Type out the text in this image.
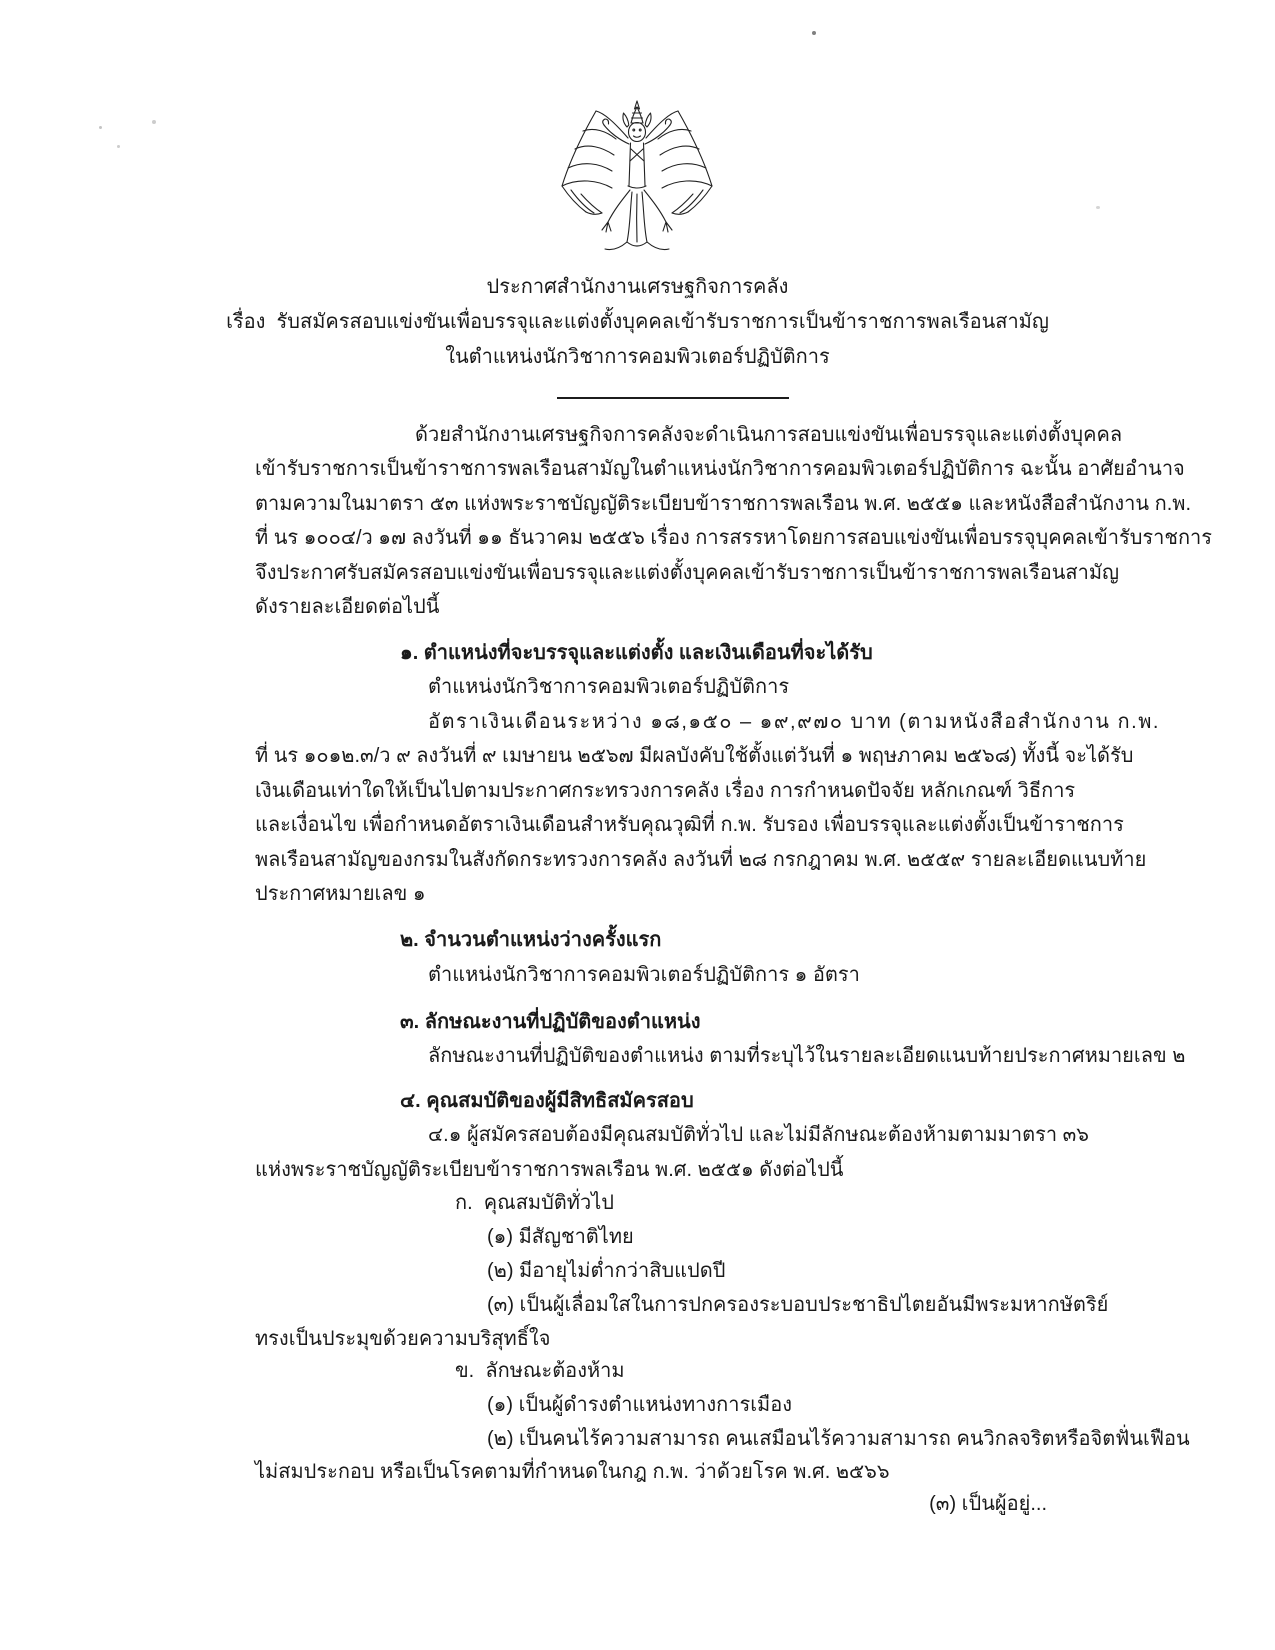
ประกาศสำนักงานเศรษฐกิจการคลัง
เรื่อง  รับสมัครสอบแข่งขันเพื่อบรรจุและแต่งตั้งบุคคลเข้ารับราชการเป็นข้าราชการพลเรือนสามัญ
ในตำแหน่งนักวิชาการคอมพิวเตอร์ปฏิบัติการ
ด้วยสำนักงานเศรษฐกิจการคลังจะดำเนินการสอบแข่งขันเพื่อบรรจุและแต่งตั้งบุคคล
เข้ารับราชการเป็นข้าราชการพลเรือนสามัญในตำแหน่งนักวิชาการคอมพิวเตอร์ปฏิบัติการ ฉะนั้น อาศัยอำนาจ
ตามความในมาตรา ๕๓ แห่งพระราชบัญญัติระเบียบข้าราชการพลเรือน พ.ศ. ๒๕๕๑ และหนังสือสำนักงาน ก.พ.
ที่ นร ๑๐๐๔/ว ๑๗ ลงวันที่ ๑๑ ธันวาคม ๒๕๕๖ เรื่อง การสรรหาโดยการสอบแข่งขันเพื่อบรรจุบุคคลเข้ารับราชการ
จึงประกาศรับสมัครสอบแข่งขันเพื่อบรรจุและแต่งตั้งบุคคลเข้ารับราชการเป็นข้าราชการพลเรือนสามัญ
ดังรายละเอียดต่อไปนี้
๑. ตำแหน่งที่จะบรรจุและแต่งตั้ง และเงินเดือนที่จะได้รับ
ตำแหน่งนักวิชาการคอมพิวเตอร์ปฏิบัติการ
อัตราเงินเดือนระหว่าง ๑๘,๑๕๐ – ๑๙,๙๗๐ บาท (ตามหนังสือสำนักงาน ก.พ.
ที่ นร ๑๐๑๒.๓/ว ๙ ลงวันที่ ๙ เมษายน ๒๕๖๗ มีผลบังคับใช้ตั้งแต่วันที่ ๑ พฤษภาคม ๒๕๖๘) ทั้งนี้ จะได้รับ
เงินเดือนเท่าใดให้เป็นไปตามประกาศกระทรวงการคลัง เรื่อง การกำหนดปัจจัย หลักเกณฑ์ วิธีการ
และเงื่อนไข เพื่อกำหนดอัตราเงินเดือนสำหรับคุณวุฒิที่ ก.พ. รับรอง เพื่อบรรจุและแต่งตั้งเป็นข้าราชการ
พลเรือนสามัญของกรมในสังกัดกระทรวงการคลัง ลงวันที่ ๒๘ กรกฎาคม พ.ศ. ๒๕๕๙ รายละเอียดแนบท้าย
ประกาศหมายเลข ๑
๒. จำนวนตำแหน่งว่างครั้งแรก
ตำแหน่งนักวิชาการคอมพิวเตอร์ปฏิบัติการ ๑ อัตรา
๓. ลักษณะงานที่ปฏิบัติของตำแหน่ง
ลักษณะงานที่ปฏิบัติของตำแหน่ง ตามที่ระบุไว้ในรายละเอียดแนบท้ายประกาศหมายเลข ๒
๔. คุณสมบัติของผู้มีสิทธิสมัครสอบ
๔.๑ ผู้สมัครสอบต้องมีคุณสมบัติทั่วไป และไม่มีลักษณะต้องห้ามตามมาตรา ๓๖
แห่งพระราชบัญญัติระเบียบข้าราชการพลเรือน พ.ศ. ๒๕๕๑ ดังต่อไปนี้
ก.  คุณสมบัติทั่วไป
(๑) มีสัญชาติไทย
(๒) มีอายุไม่ต่ำกว่าสิบแปดปี
(๓) เป็นผู้เลื่อมใสในการปกครองระบอบประชาธิปไตยอันมีพระมหากษัตริย์
ทรงเป็นประมุขด้วยความบริสุทธิ์ใจ
ข.  ลักษณะต้องห้าม
(๑) เป็นผู้ดำรงตำแหน่งทางการเมือง
(๒) เป็นคนไร้ความสามารถ คนเสมือนไร้ความสามารถ คนวิกลจริตหรือจิตฟั่นเฟือน
ไม่สมประกอบ หรือเป็นโรคตามที่กำหนดในกฎ ก.พ. ว่าด้วยโรค พ.ศ. ๒๕๖๖
(๓) เป็นผู้อยู่...
